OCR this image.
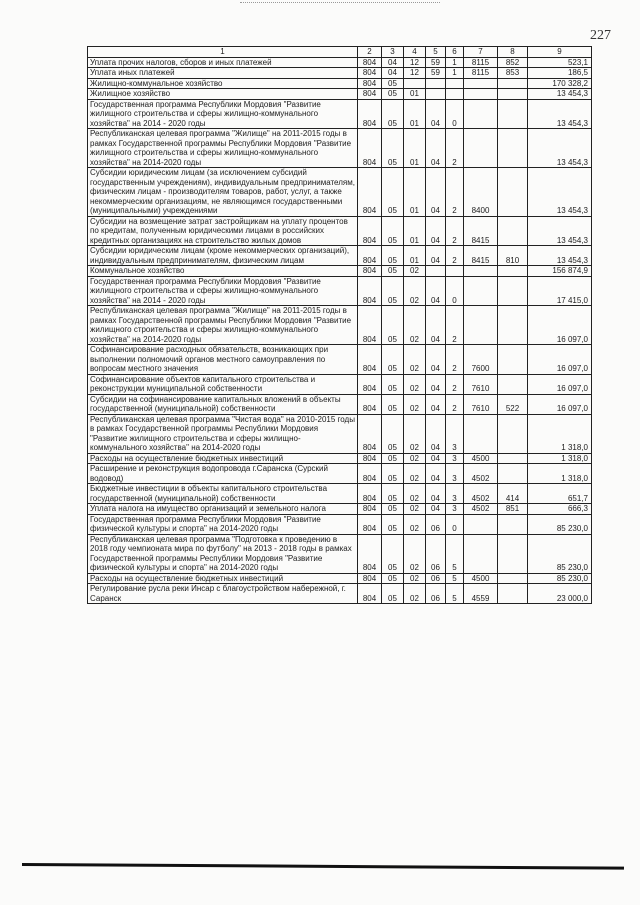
227
1	2	3	4	5	6	7	8	9
Уплата прочих налогов, сборов и иных платежей	804	04	12	59	1	8115	852	523,1
Уплата иных платежей	804	04	12	59	1	8115	853	186,5
Жилищно-коммунальное хозяйство	804	05						170 328,2
Жилищное хозяйство	804	05	01					13 454,3
Государственная программа Республики Мордовия "Развитие жилищного строительства и сферы жилищно-коммунального хозяйства" на 2014 - 2020 годы	804	05	01	04	0			13 454,3
Республиканская целевая программа "Жилище" на 2011-2015 годы в рамках Государственной программы Республики Мордовия "Развитие жилищного строительства и сферы жилищно-коммунального хозяйства" на 2014-2020 годы	804	05	01	04	2			13 454,3
Субсидии юридическим лицам (за исключением субсидий государственным учреждениям), индивидуальным предпринимателям, физическим лицам - производителям товаров, работ, услуг, а также некоммерческим организациям, не являющимся государственными (муниципальными) учреждениями	804	05	01	04	2	8400		13 454,3
Субсидии на возмещение затрат застройщикам на уплату процентов по кредитам, полученным юридическими лицами в российских кредитных организациях на строительство жилых домов	804	05	01	04	2	8415		13 454,3
Субсидии юридическим лицам (кроме некоммерческих организаций), индивидуальным предпринимателям, физическим лицам	804	05	01	04	2	8415	810	13 454,3
Коммунальное хозяйство	804	05	02					156 874,9
Государственная программа Республики Мордовия "Развитие жилищного строительства и сферы жилищно-коммунального хозяйства" на 2014 - 2020 годы	804	05	02	04	0			17 415,0
Республиканская целевая программа "Жилище" на 2011-2015 годы в рамках Государственной программы Республики Мордовия "Развитие жилищного строительства и сферы жилищно-коммунального хозяйства" на 2014-2020 годы	804	05	02	04	2			16 097,0
Софинансирование расходных обязательств, возникающих при выполнении полномочий органов местного самоуправления по вопросам местного значения	804	05	02	04	2	7600		16 097,0
Софинансирование объектов капитального строительства и реконструкции муниципальной собственности	804	05	02	04	2	7610		16 097,0
Субсидии на софинансирование капитальных вложений в объекты государственной (муниципальной) собственности	804	05	02	04	2	7610	522	16 097,0
Республиканская целевая программа "Чистая вода" на 2010-2015 годы в рамках Государственной программы Республики Мордовия "Развитие жилищного строительства и сферы жилищно-коммунального хозяйства" на 2014-2020 годы	804	05	02	04	3			1 318,0
Расходы на осуществление бюджетных инвестиций	804	05	02	04	3	4500		1 318,0
Расширение и реконструкция водопровода г.Саранска (Сурский водовод)	804	05	02	04	3	4502		1 318,0
Бюджетные инвестиции в объекты капитального строительства государственной (муниципальной) собственности	804	05	02	04	3	4502	414	651,7
Уплата налога на имущество организаций и земельного налога	804	05	02	04	3	4502	851	666,3
Государственная программа Республики Мордовия "Развитие физической культуры и спорта" на 2014-2020 годы	804	05	02	06	0			85 230,0
Республиканская целевая программа "Подготовка к проведению в 2018 году чемпионата мира по футболу" на 2013 - 2018 годы в рамках Государственной программы Республики Мордовия "Развитие физической культуры и спорта" на 2014-2020 годы	804	05	02	06	5			85 230,0
Расходы на осуществление бюджетных инвестиций	804	05	02	06	5	4500		85 230,0
Регулирование русла реки Инсар с благоустройством набережной, г. Саранск	804	05	02	06	5	4559		23 000,0
